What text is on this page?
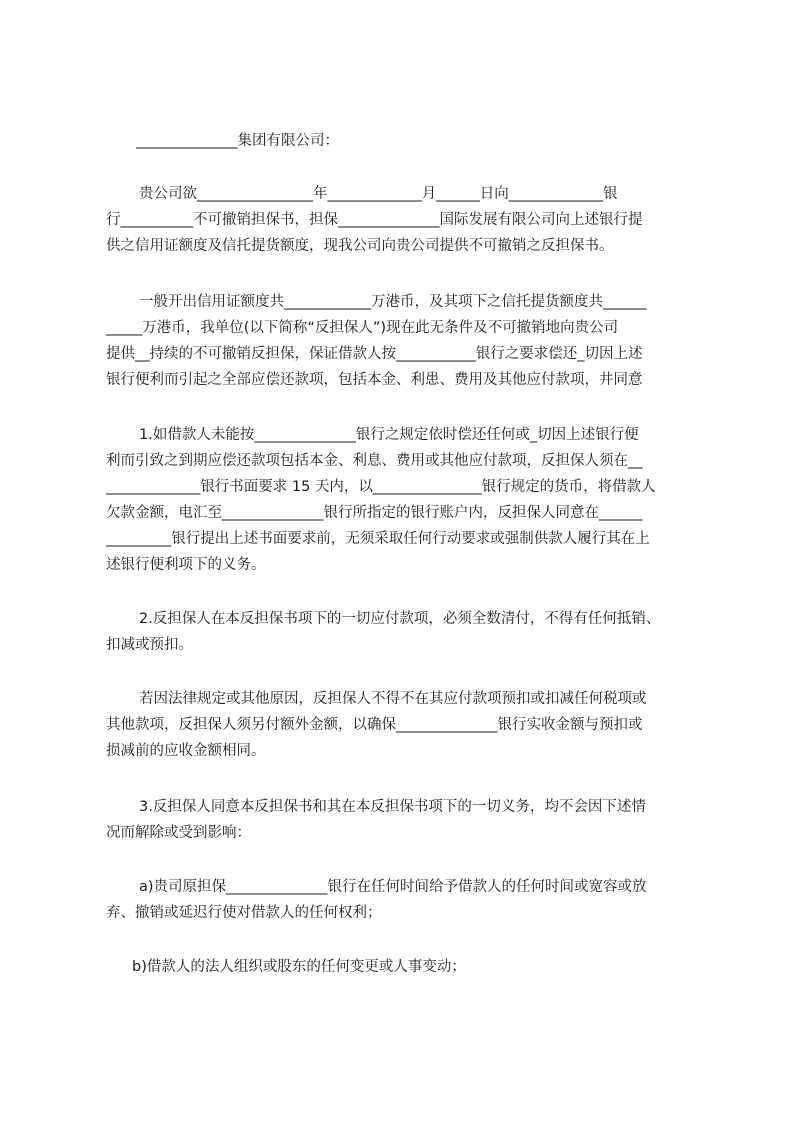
______________集团有限公司：

贵公司欲________________年_____________月______日向_____________银
行__________不可撤销担保书，担保______________国际发展有限公司向上述银行提
供之信用证额度及信托提货额度，现我公司向贵公司提供不可撤销之反担保书。

一般开出信用证额度共____________万港币，及其项下之信托提货额度共______
_____万港币，我单位(以下简称“反担保人”)现在此无条件及不可撤销地向贵公司
提供__持续的不可撤销反担保，保证借款人按___________银行之要求偿还_切因上述
银行便利而引起之全部应偿还款项，包括本金、利患、费用及其他应付款项，井同意

1.如借款人未能按______________银行之规定依时偿还任何或_切因上述银行便
利而引致之到期应偿还款项包括本金、利息、费用或其他应付款项，反担保人须在__
_____________银行书面要求 15 天内，以_______________银行规定的货币，将借款人
欠款金额，电汇至______________银行所指定的银行账户内，反担保人同意在______
_________银行提出上述书面要求前，无须采取任何行动要求或强制供款人履行其在上
述银行便利项下的义务。

2.反担保人在本反担保书项下的一切应付款项，必须全数清付，不得有任何抵销、
扣减或预扣。

若因法律规定或其他原因，反担保人不得不在其应付款项预扣或扣减任何税项或
其他款项，反担保人须另付额外金额，以确保______________银行实收金额与预扣或
损减前的应收金额相同。

3.反担保人同意本反担保书和其在本反担保书项下的一切义务，均不会因下述情
况而解除或受到影响：

a)贵司原担保______________银行在任何时间给予借款人的任何时间或宽容或放
弃、撤销或延迟行使对借款人的任何权利；

b)借款人的法人组织或股东的任何变更或人事变动；
